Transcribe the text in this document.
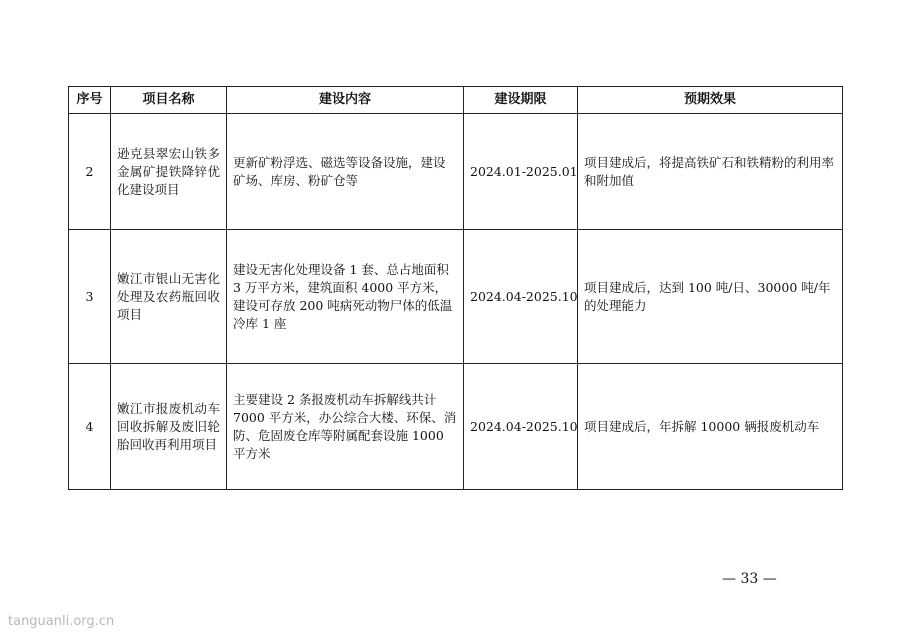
序号	项目名称	建设内容	建设期限	预期效果
2	逊克县翠宏山铁多金属矿提铁降锌优化建设项目	更新矿粉浮选、磁选等设备设施，建设矿场、库房、粉矿仓等	2024.01-2025.01	项目建成后，将提高铁矿石和铁精粉的利用率和附加值
3	嫩江市银山无害化处理及农药瓶回收项目	建设无害化处理设备 1 套、总占地面积 3 万平方米，建筑面积 4000 平方米，建设可存放 200 吨病死动物尸体的低温冷库 1 座	2024.04-2025.10	项目建成后，达到 100 吨/日、30000 吨/年的处理能力
4	嫩江市报废机动车回收拆解及废旧轮胎回收再利用项目	主要建设 2 条报废机动车拆解线共计 7000 平方米，办公综合大楼、环保、消防、危固废仓库等附属配套设施 1000 平方米	2024.04-2025.10	项目建成后，年拆解 10000 辆报废机动车
— 33 —
tanguanli.org.cn
